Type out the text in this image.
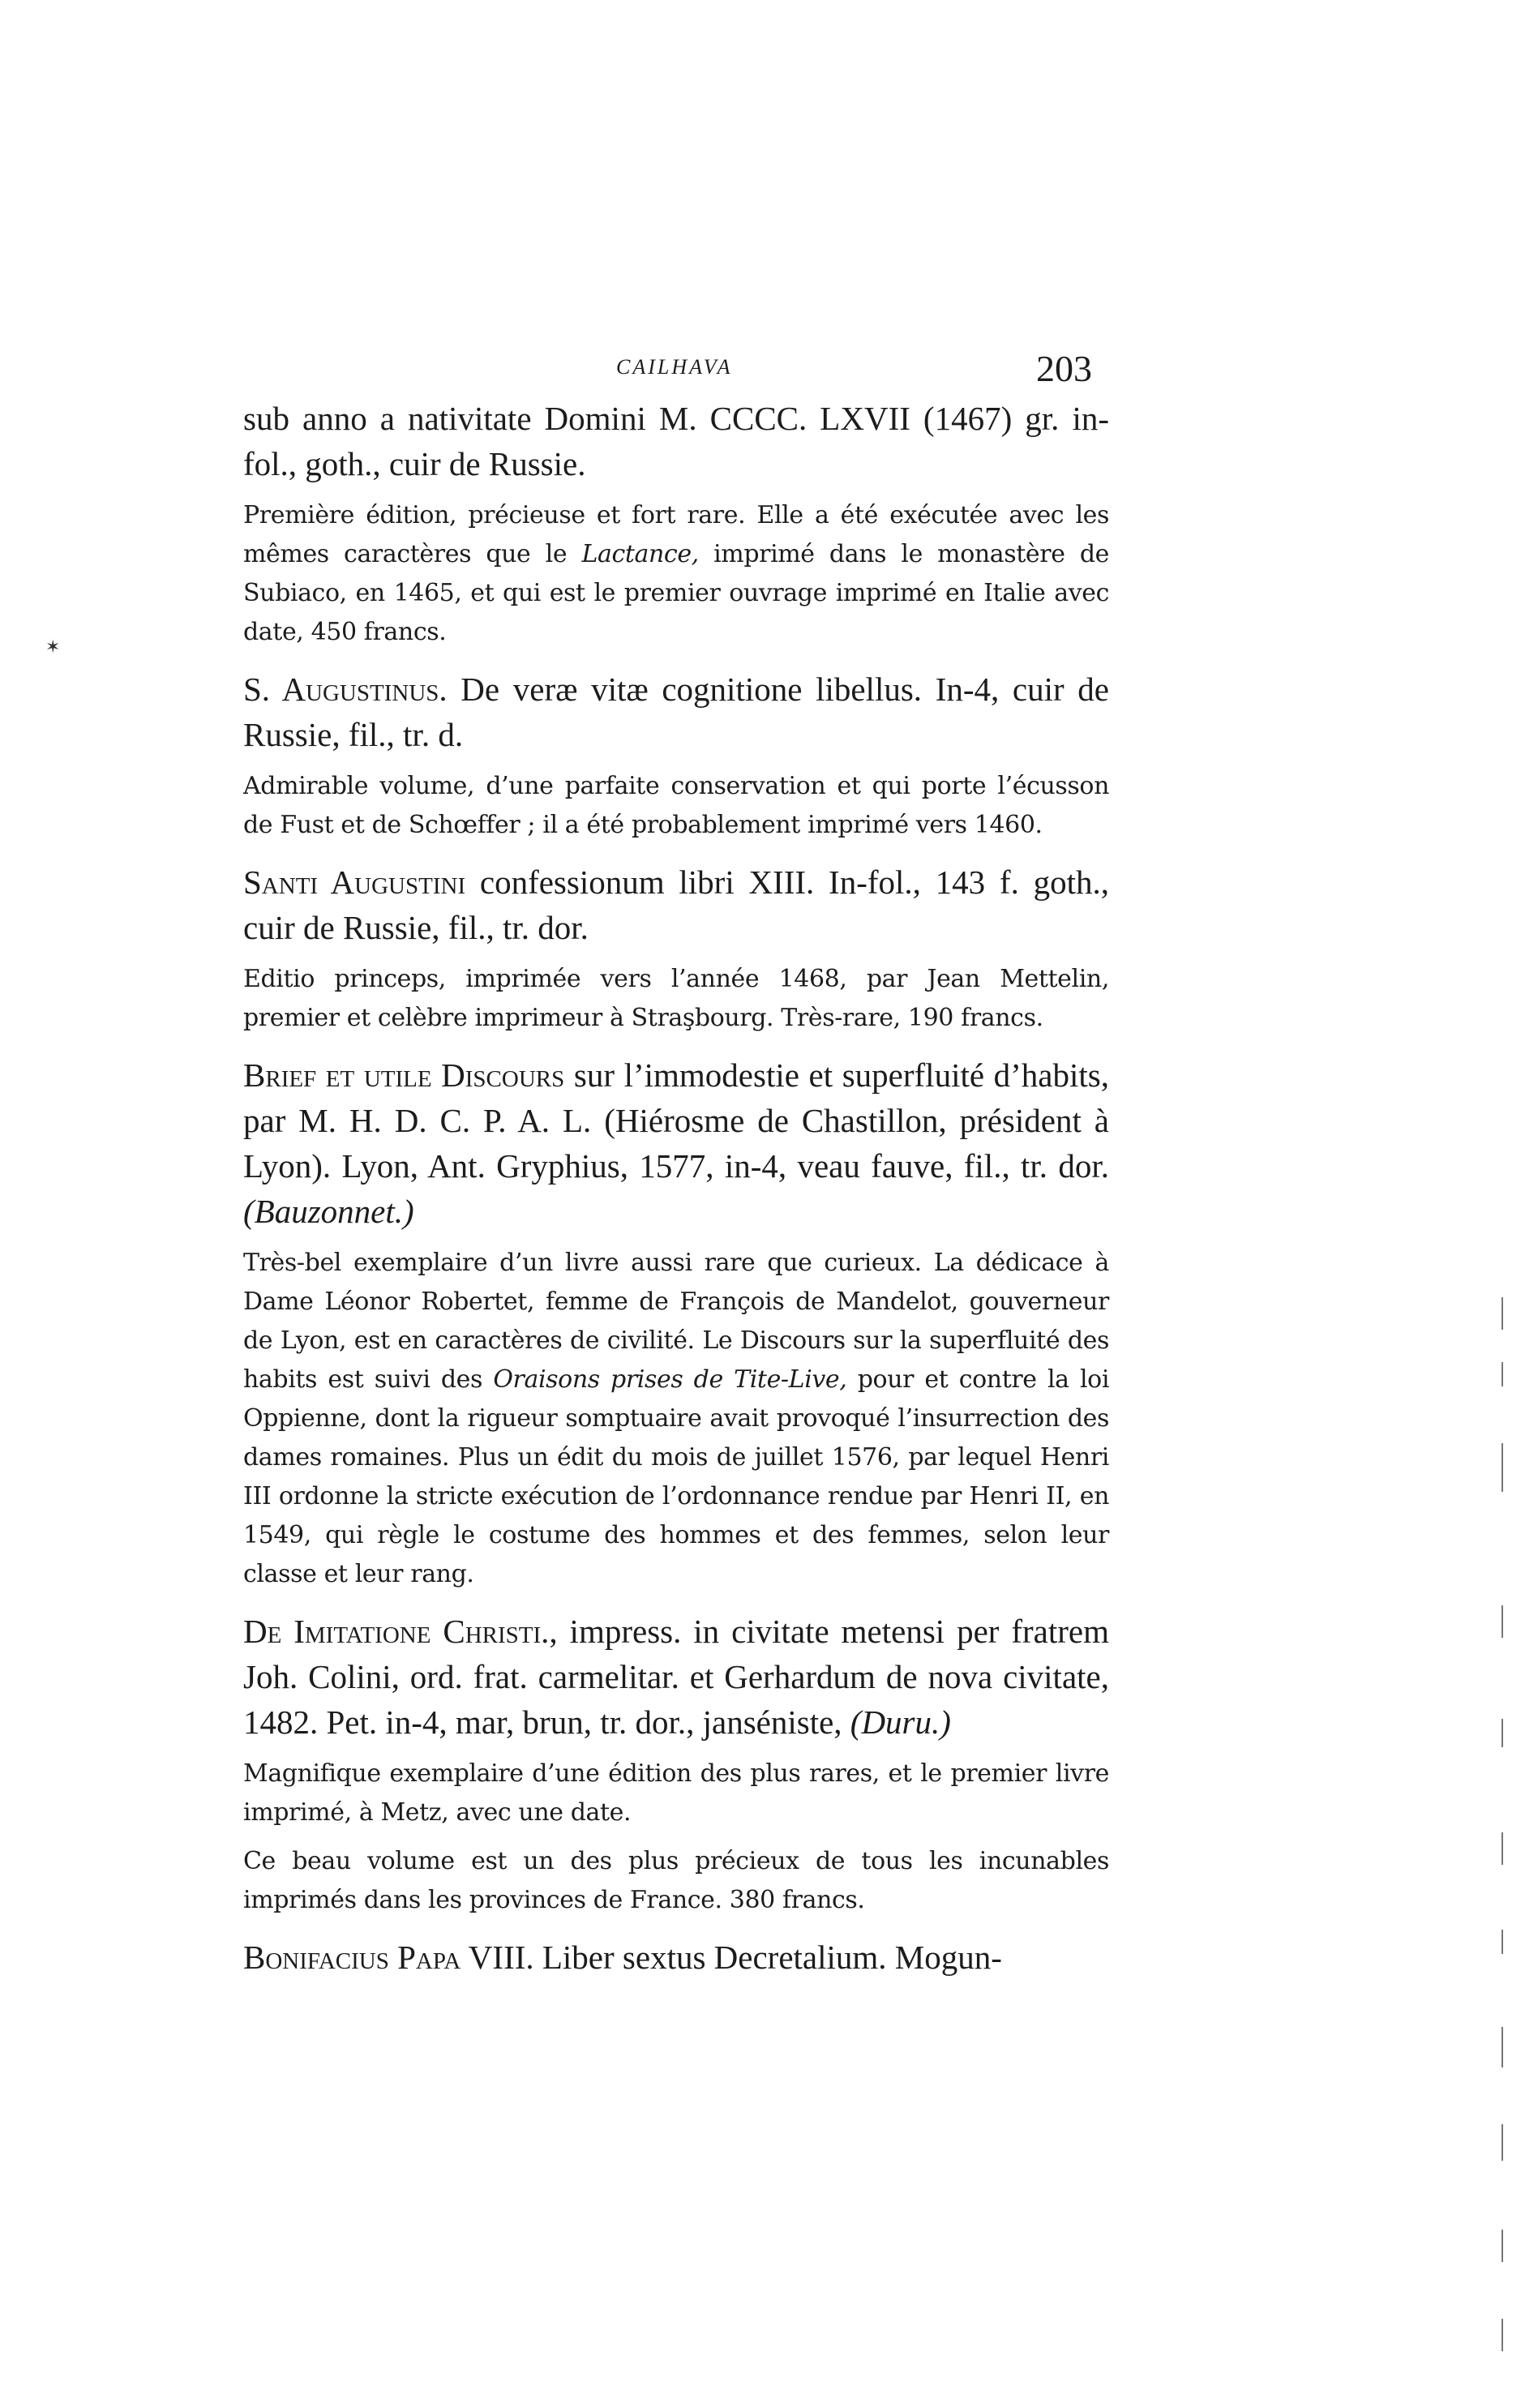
CAILHAVA	203
✶

sub anno a nativitate Domini M. CCCC. LXVII (1467) gr. in-fol., goth., cuir de Russie.

Première édition, précieuse et fort rare. Elle a été exécutée avec les mêmes caractères que le Lactance, imprimé dans le monastère de Subiaco, en 1465, et qui est le premier ouvrage imprimé en Italie avec date, 450 francs.

S. Augustinus. De veræ vitæ cognitione libellus. In-4, cuir de Russie, fil., tr. d.

Admirable volume, d’une parfaite conservation et qui porte l’écusson de Fust et de Schœffer ; il a été probablement imprimé vers 1460.

Santi Augustini confessionum libri XIII. In-fol., 143 f. goth., cuir de Russie, fil., tr. dor.

Editio princeps, imprimée vers l’année 1468, par Jean Mettelin, premier et celèbre imprimeur à Straşbourg. Très-rare, 190 francs.

Brief et utile Discours sur l’immodestie et superfluité d’habits, par M. H. D. C. P. A. L. (Hiérosme de Chastillon, président à Lyon). Lyon, Ant. Gryphius, 1577, in-4, veau fauve, fil., tr. dor. (Bauzonnet.)

Très-bel exemplaire d’un livre aussi rare que curieux. La dédicace à Dame Léonor Robertet, femme de François de Mandelot, gouverneur de Lyon, est en caractères de civilité. Le Discours sur la superfluité des habits est suivi des Oraisons prises de Tite-Live, pour et contre la loi Oppienne, dont la rigueur somptuaire avait provoqué l’insurrection des dames romaines. Plus un édit du mois de juillet 1576, par lequel Henri III ordonne la stricte exécution de l’ordonnance rendue par Henri II, en 1549, qui règle le costume des hommes et des femmes, selon leur classe et leur rang.

De Imitatione Christi., impress. in civitate metensi per fratrem Joh. Colini, ord. frat. carmelitar. et Gerhardum de nova civitate, 1482. Pet. in-4, mar, brun, tr. dor., janséniste, (Duru.)

Magnifique exemplaire d’une édition des plus rares, et le premier livre imprimé, à Metz, avec une date.

Ce beau volume est un des plus précieux de tous les incunables imprimés dans les provinces de France. 380 francs.

Bonifacius Papa VIII. Liber sextus Decretalium. Mogun-
